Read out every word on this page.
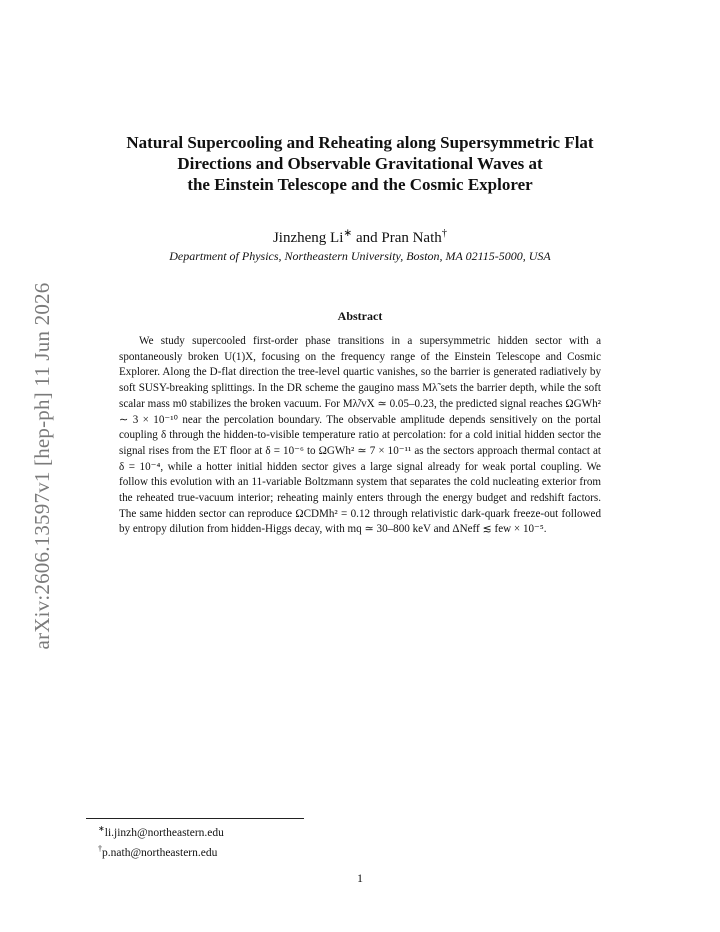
arXiv:2606.13597v1 [hep-ph] 11 Jun 2026
Natural Supercooling and Reheating along Supersymmetric Flat
Directions and Observable Gravitational Waves at
the Einstein Telescope and the Cosmic Explorer
Jinzheng Li∗ and Pran Nath†
Department of Physics, Northeastern University, Boston, MA 02115-5000, USA
Abstract
We study supercooled first-order phase transitions in a supersymmetric hidden sector with a spontaneously broken U(1)X, focusing on the frequency range of the Einstein Telescope and Cosmic Explorer. Along the D-flat direction the tree-level quartic vanishes, so the barrier is generated radiatively by soft SUSY-breaking splittings. In the DR scheme the gaugino mass Mλ̃ sets the barrier depth, while the soft scalar mass m0 stabilizes the broken vacuum. For Mλ̃/vX ≃ 0.05–0.23, the predicted signal reaches ΩGWh² ∼ 3 × 10⁻¹⁰ near the percolation boundary. The observable amplitude depends sensitively on the portal coupling δ through the hidden-to-visible temperature ratio at percolation: for a cold initial hidden sector the signal rises from the ET floor at δ = 10⁻⁶ to ΩGWh² ≃ 7 × 10⁻¹¹ as the sectors approach thermal contact at δ = 10⁻⁴, while a hotter initial hidden sector gives a large signal already for weak portal coupling. We follow this evolution with an 11-variable Boltzmann system that separates the cold nucleating exterior from the reheated true-vacuum interior; reheating mainly enters through the energy budget and redshift factors. The same hidden sector can reproduce ΩCDMh² = 0.12 through relativistic dark-quark freeze-out followed by entropy dilution from hidden-Higgs decay, with mq ≃ 30–800 keV and ΔNeff ≲ few × 10⁻⁵.
∗li.jinzh@northeastern.edu
†p.nath@northeastern.edu
1
